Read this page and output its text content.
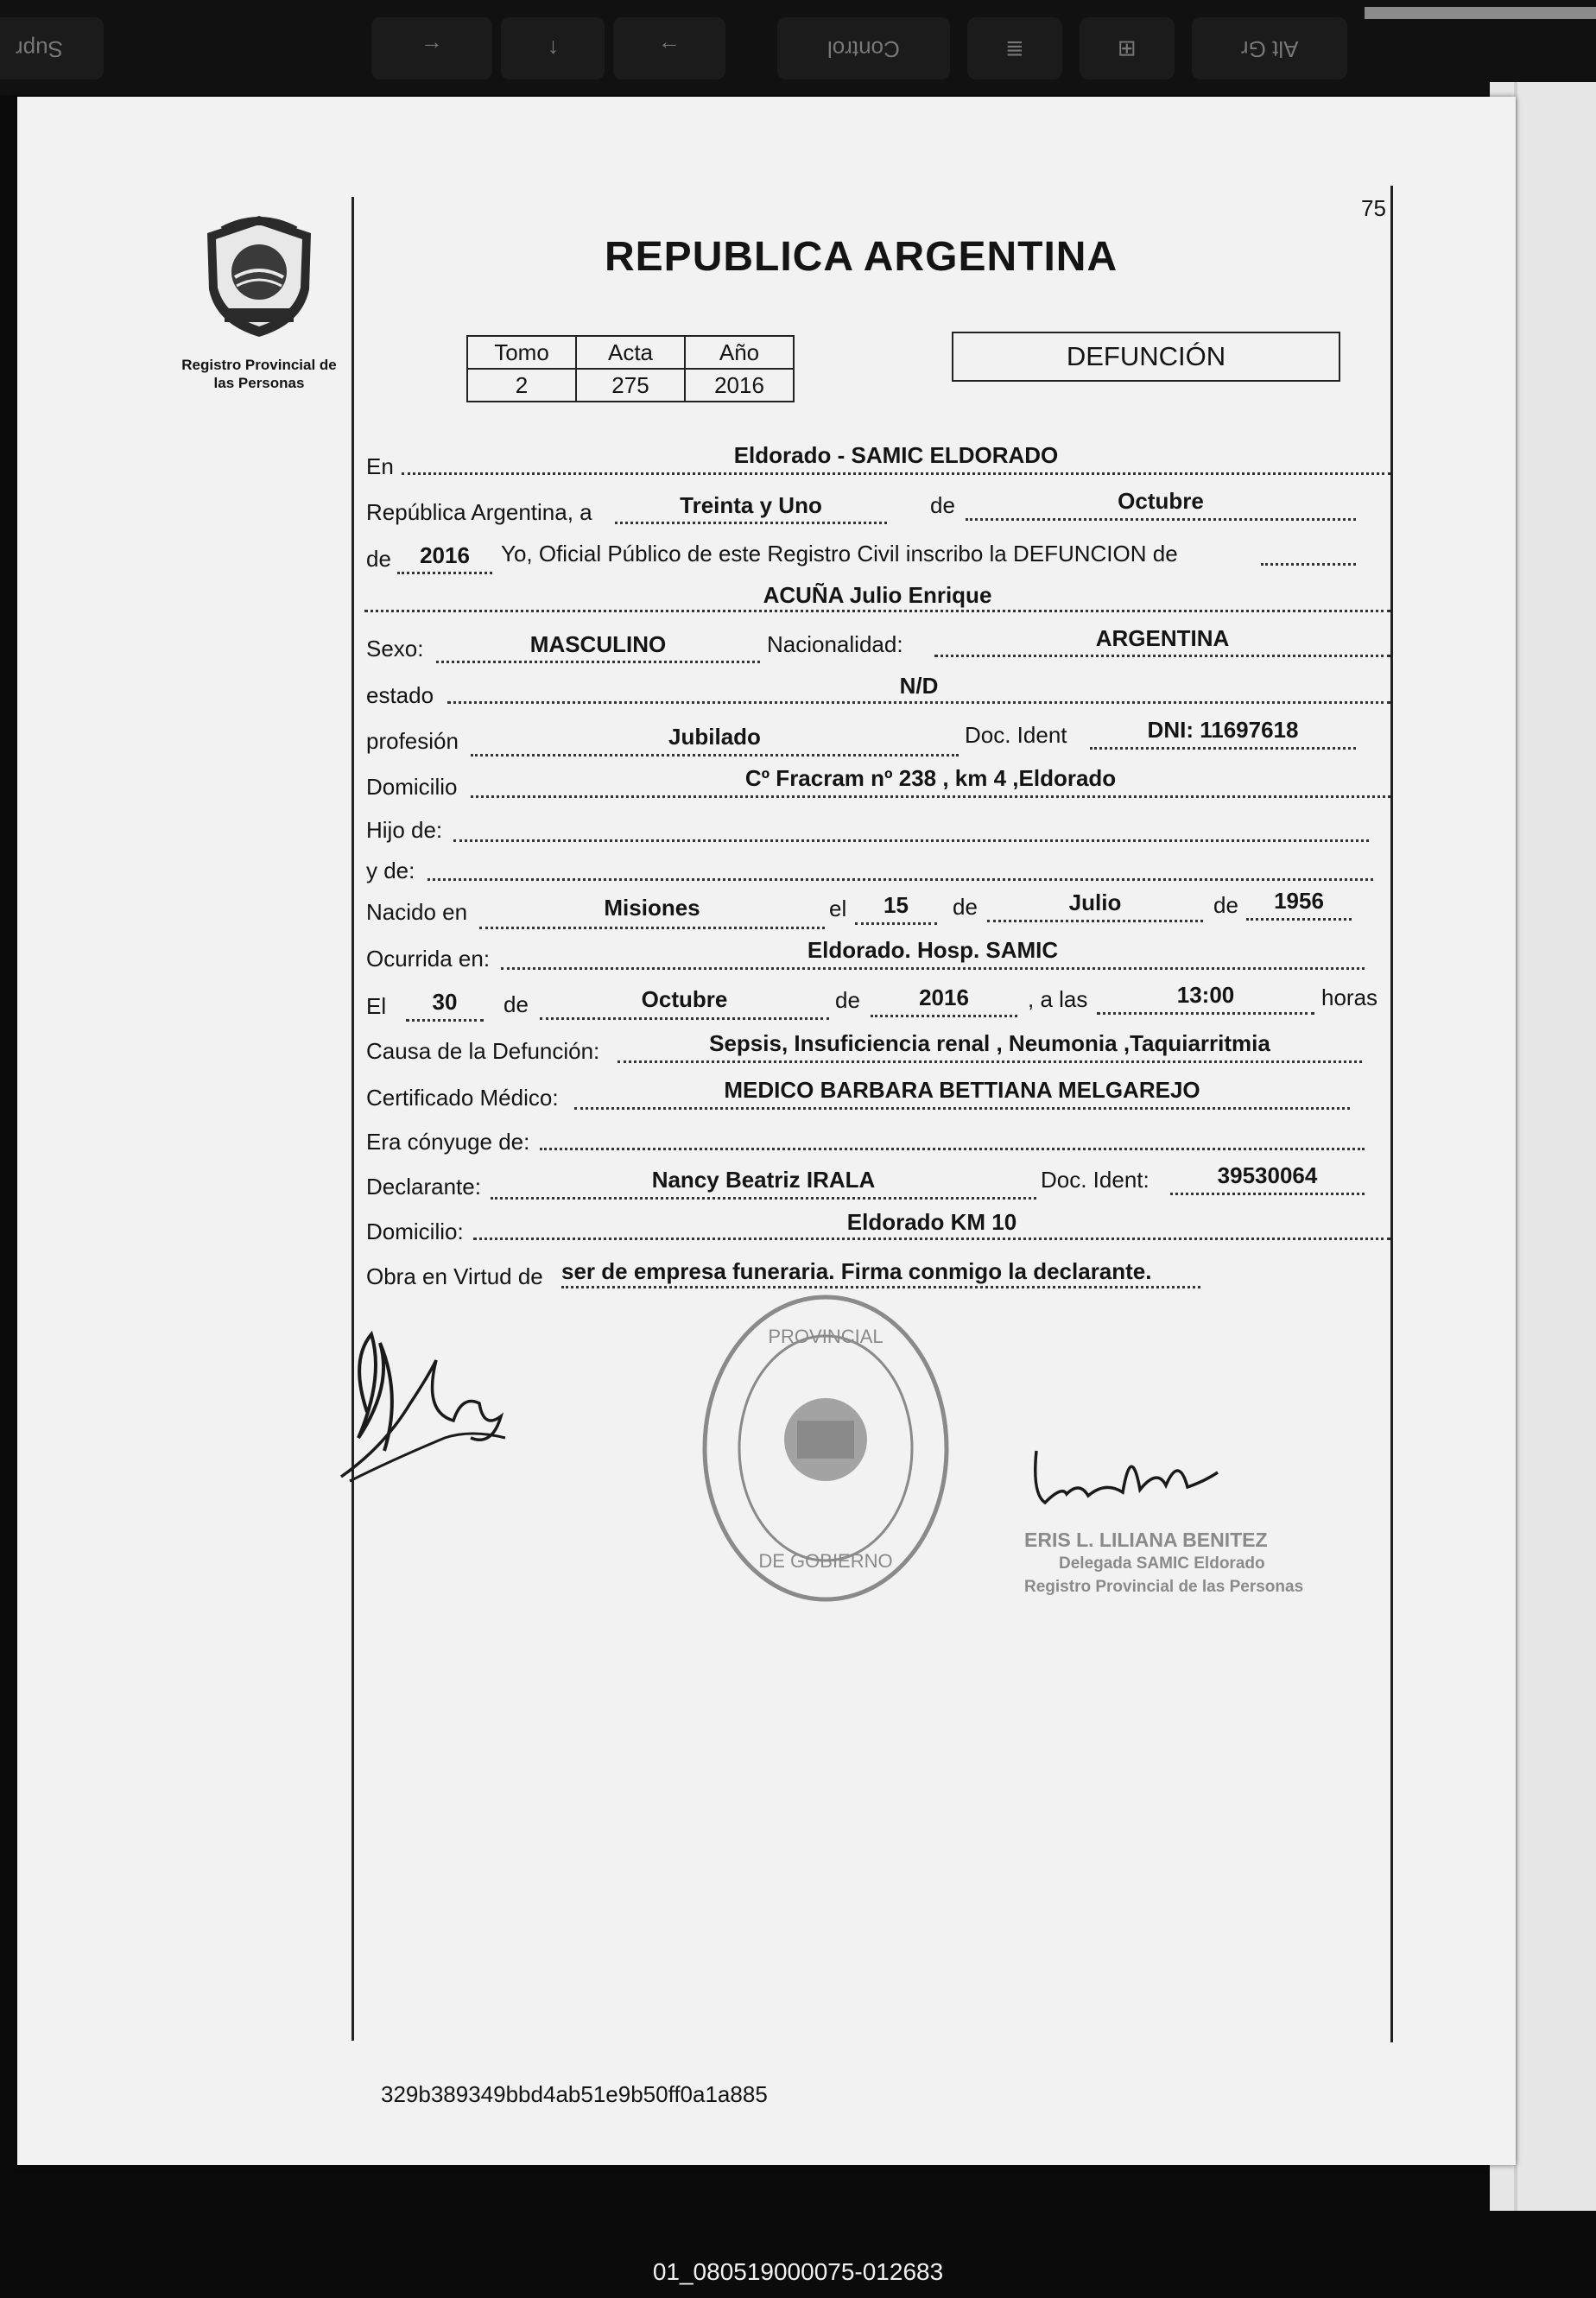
Supr	←	↑	→	Control	≣	⊞	Alt Gr
75
Registro Provincial de
las Personas
REPUBLICA ARGENTINA
Tomo	Acta	Año
2	275	2016
DEFUNCIÓN
En	Eldorado - SAMIC ELDORADO
República Argentina, a	Treinta y Uno	de	Octubre
de	2016	Yo, Oficial Público de este Registro Civil inscribo la DEFUNCION de
ACUÑA Julio Enrique
Sexo:	MASCULINO	Nacionalidad:	ARGENTINA
estado	N/D
profesión	Jubilado	Doc. Ident	DNI: 11697618
Domicilio	Cº Fracram nº 238 , km 4 ,Eldorado
Hijo de:
y de:
Nacido en	Misiones	el	15	de	Julio	de	1956
Ocurrida en:	Eldorado. Hosp. SAMIC
El	30	de	Octubre	de	2016	, a las	13:00	horas
Causa de la Defunción:	Sepsis, Insuficiencia renal , Neumonia ,Taquiarritmia
Certificado Médico:	MEDICO BARBARA BETTIANA MELGAREJO
Era cónyuge de:
Declarante:	Nancy Beatriz IRALA	Doc. Ident:	39530064
Domicilio:	Eldorado KM 10
Obra en Virtud de ser de empresa funeraria. Firma conmigo la declarante.
PROVINCIAL
DE GOBIERNO
ERIS L. LILIANA BENITEZ
Delegada SAMIC Eldorado
Registro Provincial de las Personas
329b389349bbd4ab51e9b50ff0a1a885
01_080519000075-012683
